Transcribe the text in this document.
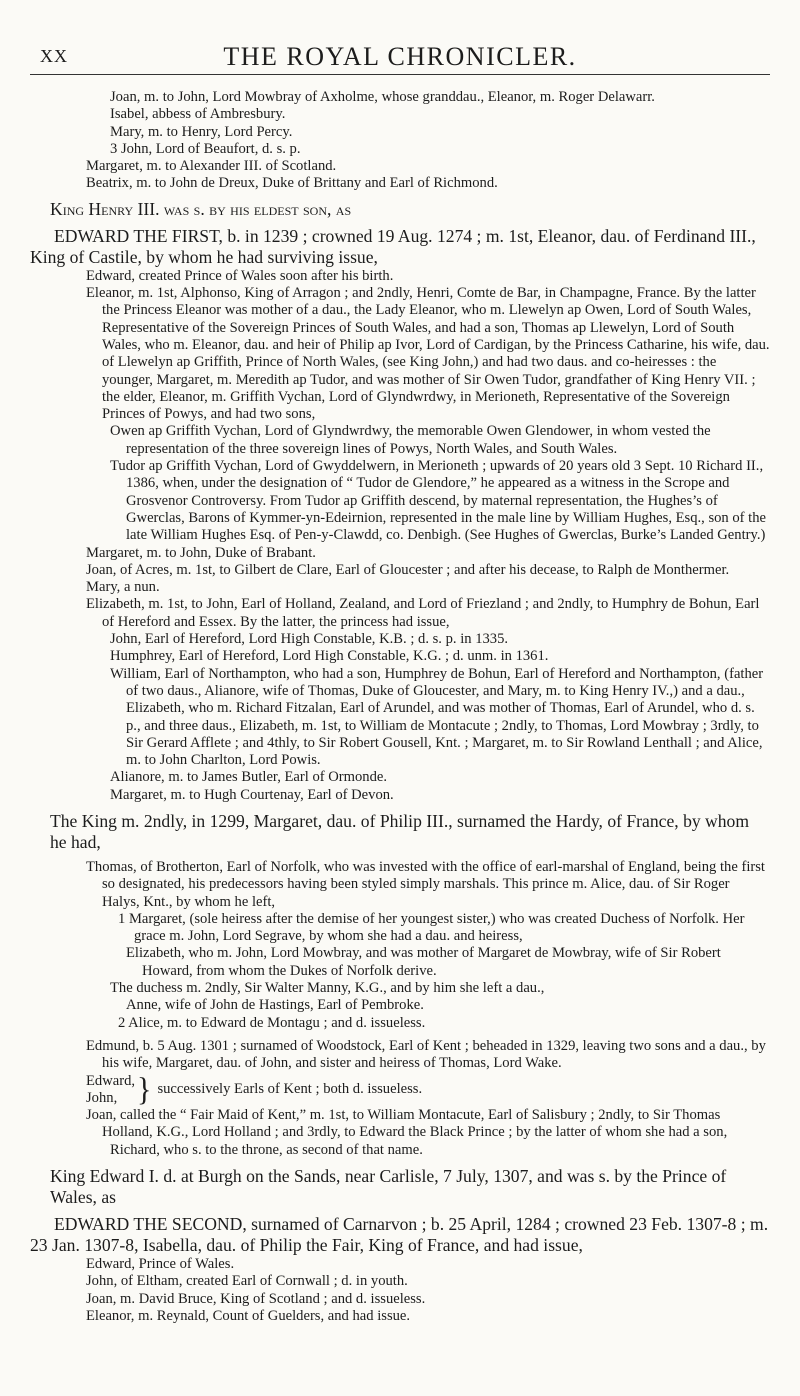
XX	THE ROYAL CHRONICLER.

Joan, m. to John, Lord Mowbray of Axholme, whose granddau., Eleanor, m. Roger Delawarr.

Isabel, abbess of Ambresbury.

Mary, m. to Henry, Lord Percy.

3 John, Lord of Beaufort, d. s. p.

Margaret, m. to Alexander III. of Scotland.

Beatrix, m. to John de Dreux, Duke of Brittany and Earl of Richmond.

King Henry III. was s. by his eldest son, as

EDWARD THE FIRST, b. in 1239 ; crowned 19 Aug. 1274 ; m. 1st, Eleanor, dau. of Ferdinand III., King of Castile, by whom he had surviving issue,

Edward, created Prince of Wales soon after his birth.

Eleanor, m. 1st, Alphonso, King of Arragon ; and 2ndly, Henri, Comte de Bar, in Champagne, France. By the latter the Princess Eleanor was mother of a dau., the Lady Eleanor, who m. Llewelyn ap Owen, Lord of South Wales, Representative of the Sovereign Princes of South Wales, and had a son, Thomas ap Llewelyn, Lord of South Wales, who m. Eleanor, dau. and heir of Philip ap Ivor, Lord of Cardigan, by the Princess Catharine, his wife, dau. of Llewelyn ap Griffith, Prince of North Wales, (see King John,) and had two daus. and co-heiresses : the younger, Margaret, m. Meredith ap Tudor, and was mother of Sir Owen Tudor, grandfather of King Henry VII. ; the elder, Eleanor, m. Griffith Vychan, Lord of Glyndwrdwy, in Merioneth, Representative of the Sovereign Princes of Powys, and had two sons,

Owen ap Griffith Vychan, Lord of Glyndwrdwy, the memorable Owen Glendower, in whom vested the representation of the three sovereign lines of Powys, North Wales, and South Wales.

Tudor ap Griffith Vychan, Lord of Gwyddelwern, in Merioneth ; upwards of 20 years old 3 Sept. 10 Richard II., 1386, when, under the designation of “ Tudor de Glendore,” he appeared as a witness in the Scrope and Grosvenor Controversy. From Tudor ap Griffith descend, by maternal representation, the Hughes’s of Gwerclas, Barons of Kymmer-yn-Edeirnion, represented in the male line by William Hughes, Esq., son of the late William Hughes Esq. of Pen-y-Clawdd, co. Denbigh. (See Hughes of Gwerclas, Burke’s Landed Gentry.)

Margaret, m. to John, Duke of Brabant.

Joan, of Acres, m. 1st, to Gilbert de Clare, Earl of Gloucester ; and after his decease, to Ralph de Monthermer.

Mary, a nun.

Elizabeth, m. 1st, to John, Earl of Holland, Zealand, and Lord of Friezland ; and 2ndly, to Humphry de Bohun, Earl of Hereford and Essex. By the latter, the princess had issue,

John, Earl of Hereford, Lord High Constable, K.B. ; d. s. p. in 1335.

Humphrey, Earl of Hereford, Lord High Constable, K.G. ; d. unm. in 1361.

William, Earl of Northampton, who had a son, Humphrey de Bohun, Earl of Hereford and Northampton, (father of two daus., Alianore, wife of Thomas, Duke of Gloucester, and Mary, m. to King Henry IV.,) and a dau., Elizabeth, who m. Richard Fitzalan, Earl of Arundel, and was mother of Thomas, Earl of Arundel, who d. s. p., and three daus., Elizabeth, m. 1st, to William de Montacute ; 2ndly, to Thomas, Lord Mowbray ; 3rdly, to Sir Gerard Afflete ; and 4thly, to Sir Robert Gousell, Knt. ; Margaret, m. to Sir Rowland Lenthall ; and Alice, m. to John Charlton, Lord Powis.

Alianore, m. to James Butler, Earl of Ormonde.

Margaret, m. to Hugh Courtenay, Earl of Devon.

The King m. 2ndly, in 1299, Margaret, dau. of Philip III., surnamed the Hardy, of France, by whom he had,

Thomas, of Brotherton, Earl of Norfolk, who was invested with the office of earl-marshal of England, being the first so designated, his predecessors having been styled simply marshals. This prince m. Alice, dau. of Sir Roger Halys, Knt., by whom he left,

1 Margaret, (sole heiress after the demise of her youngest sister,) who was created Duchess of Norfolk. Her grace m. John, Lord Segrave, by whom she had a dau. and heiress,

Elizabeth, who m. John, Lord Mowbray, and was mother of Margaret de Mowbray, wife of Sir Robert Howard, from whom the Dukes of Norfolk derive.

The duchess m. 2ndly, Sir Walter Manny, K.G., and by him she left a dau.,

Anne, wife of John de Hastings, Earl of Pembroke.

2 Alice, m. to Edward de Montagu ; and d. issueless.

Edmund, b. 5 Aug. 1301 ; surnamed of Woodstock, Earl of Kent ; beheaded in 1329, leaving two sons and a dau., by his wife, Margaret, dau. of John, and sister and heiress of Thomas, Lord Wake.

Edward,
John, } successively Earls of Kent ; both d. issueless.

Joan, called the “ Fair Maid of Kent,” m. 1st, to William Montacute, Earl of Salisbury ; 2ndly, to Sir Thomas Holland, K.G., Lord Holland ; and 3rdly, to Edward the Black Prince ; by the latter of whom she had a son,

Richard, who s. to the throne, as second of that name.

King Edward I. d. at Burgh on the Sands, near Carlisle, 7 July, 1307, and was s. by the Prince of Wales, as

EDWARD THE SECOND, surnamed of Carnarvon ; b. 25 April, 1284 ; crowned 23 Feb. 1307-8 ; m. 23 Jan. 1307-8, Isabella, dau. of Philip the Fair, King of France, and had issue,

Edward, Prince of Wales.

John, of Eltham, created Earl of Cornwall ; d. in youth.

Joan, m. David Bruce, King of Scotland ; and d. issueless.

Eleanor, m. Reynald, Count of Guelders, and had issue.
